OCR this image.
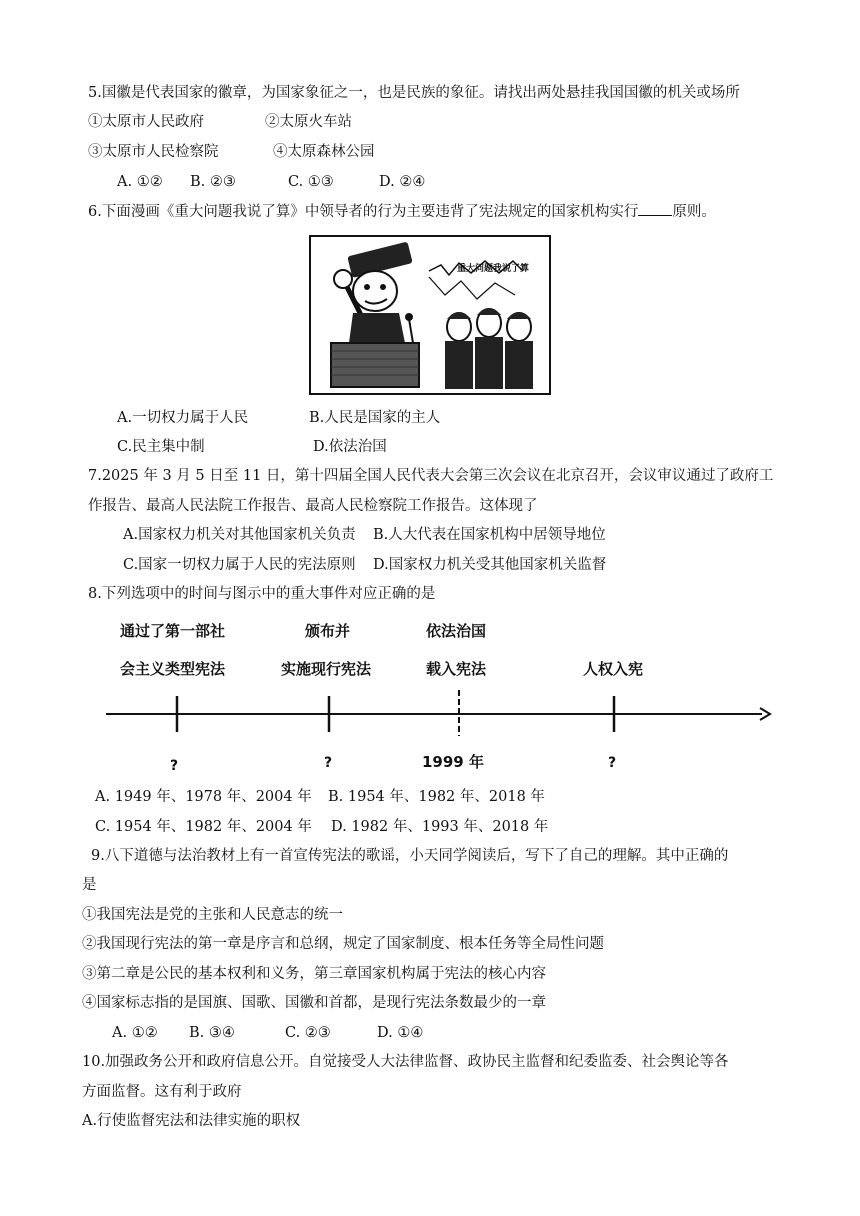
5.国徽是代表国家的徽章，为国家象征之一，也是民族的象征。请找出两处悬挂我国国徽的机关或场所
①太原市人民政府	②太原火车站
③太原市人民检察院	④太原森林公园
A. ①② B. ②③	C. ①③	D. ②④
6.下面漫画《重大问题我说了算》中领导者的行为主要违背了宪法规定的国家机构实行 原则。
重大问题我说了算
A.一切权力属于人民	B.人民是国家的主人
C.民主集中制	D.依法治国
7.2025 年 3 月 5 日至 11 日，第十四届全国人民代表大会第三次会议在北京召开，会议审议通过了政府工
作报告、最高人民法院工作报告、最高人民检察院工作报告。这体现了
A.国家权力机关对其他国家机关负责 B.人大代表在国家机构中居领导地位
C.国家一切权力属于人民的宪法原则 D.国家权力机关受其他国家机关监督
8.下列选项中的时间与图示中的重大事件对应正确的是
通过了第一部社
会主义类型宪法
?
颁布并
实施现行宪法
?
依法治国
载入宪法
1999 年
人权入宪
?
A. 1949 年、1978 年、2004 年 B. 1954 年、1982 年、2018 年
C. 1954 年、1982 年、2004 年 D. 1982 年、1993 年、2018 年
9.八下道德与法治教材上有一首宣传宪法的歌谣，小天同学阅读后，写下了自己的理解。其中正确的
是
①我国宪法是党的主张和人民意志的统一
②我国现行宪法的第一章是序言和总纲，规定了国家制度、根本任务等全局性问题
③第二章是公民的基本权利和义务，第三章国家机构属于宪法的核心内容
④国家标志指的是国旗、国歌、国徽和首都，是现行宪法条数最少的一章
A. ①② B. ③④	C. ②③	D. ①④
10.加强政务公开和政府信息公开。自觉接受人大法律监督、政协民主监督和纪委监委、社会舆论等各
方面监督。这有利于政府
A.行使监督宪法和法律实施的职权
